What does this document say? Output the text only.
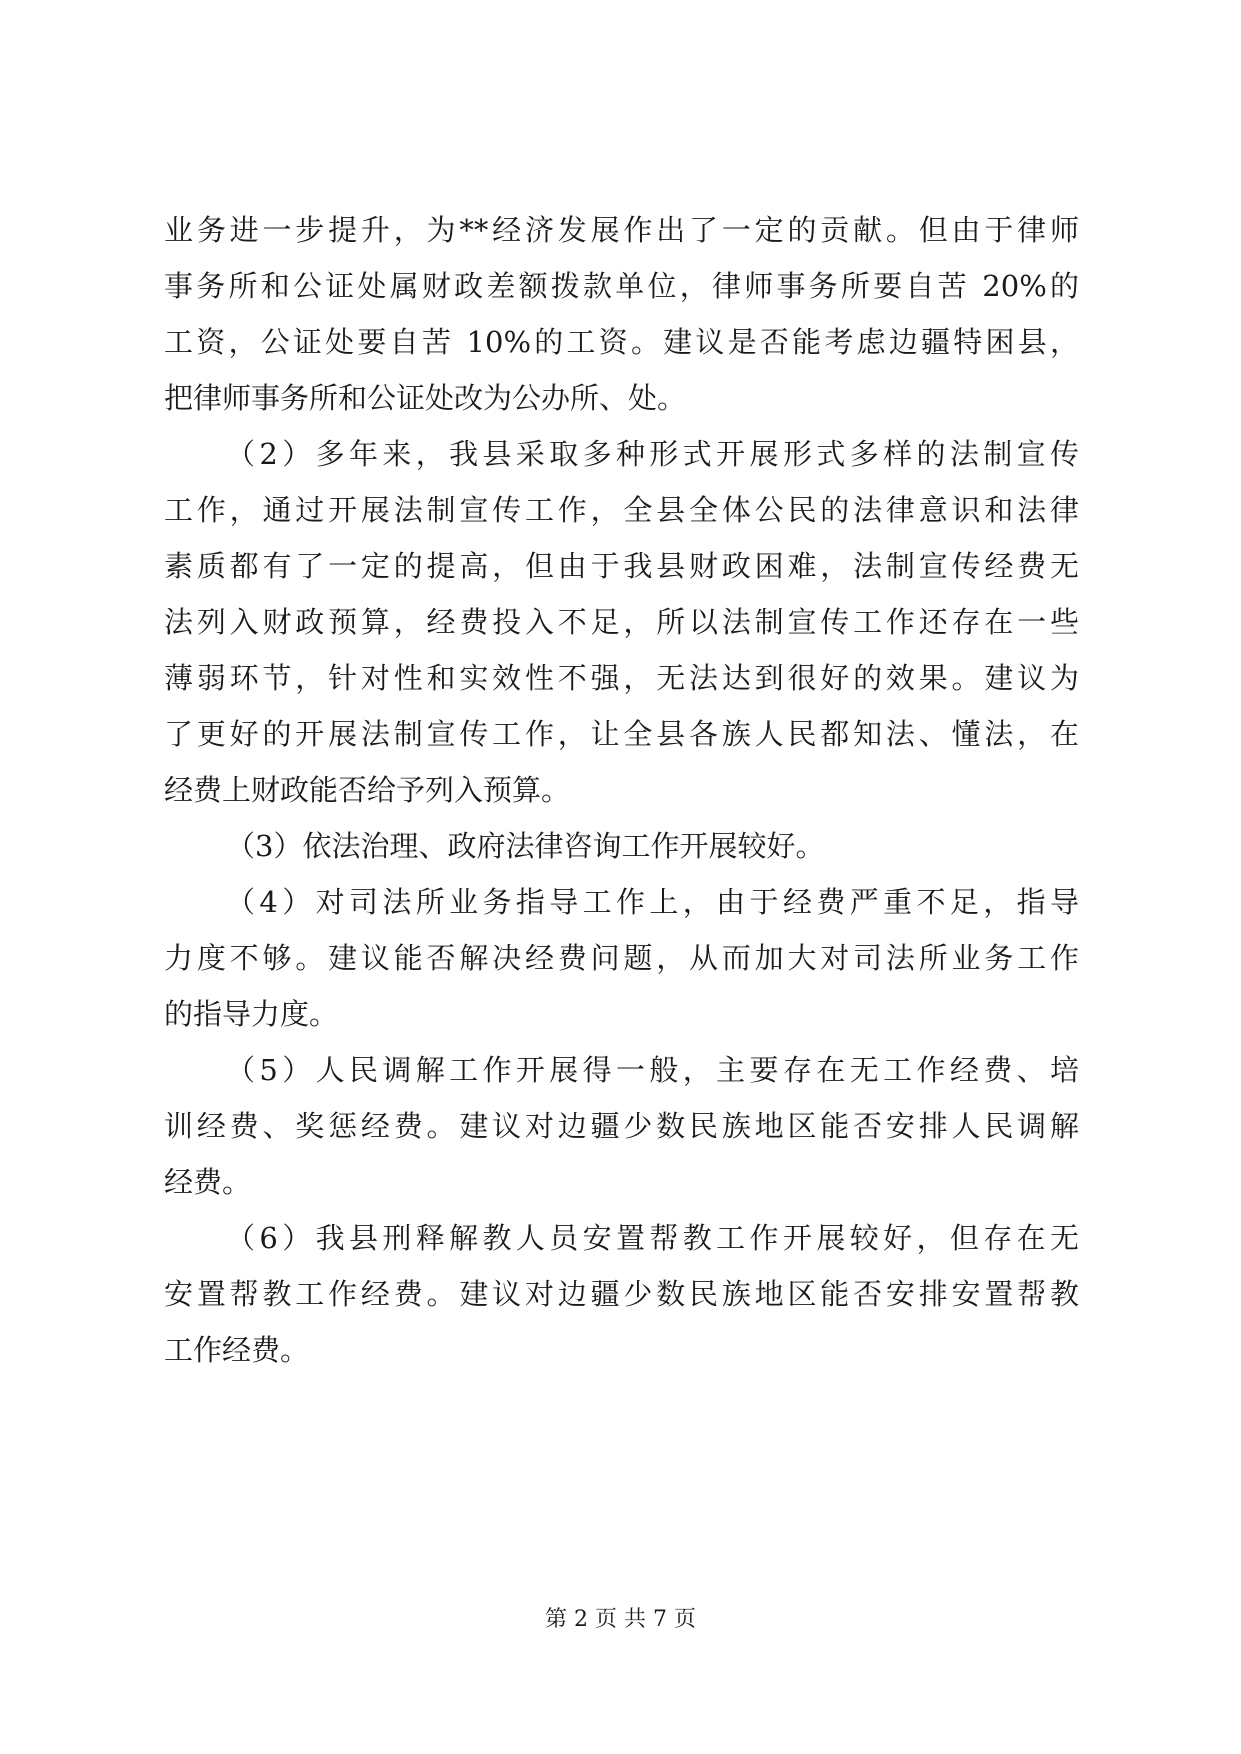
业务进一步提升，为**经济发展作出了一定的贡献。但由于律师
事务所和公证处属财政差额拨款单位，律师事务所要自苦 20%的
工资，公证处要自苦 10%的工资。建议是否能考虑边疆特困县，
把律师事务所和公证处改为公办所、处。
（2）多年来，我县采取多种形式开展形式多样的法制宣传
工作，通过开展法制宣传工作，全县全体公民的法律意识和法律
素质都有了一定的提高，但由于我县财政困难，法制宣传经费无
法列入财政预算，经费投入不足，所以法制宣传工作还存在一些
薄弱环节，针对性和实效性不强，无法达到很好的效果。建议为
了更好的开展法制宣传工作，让全县各族人民都知法、懂法，在
经费上财政能否给予列入预算。
（3）依法治理、政府法律咨询工作开展较好。
（4）对司法所业务指导工作上，由于经费严重不足，指导
力度不够。建议能否解决经费问题，从而加大对司法所业务工作
的指导力度。
（5）人民调解工作开展得一般，主要存在无工作经费、培
训经费、奖惩经费。建议对边疆少数民族地区能否安排人民调解
经费。
（6）我县刑释解教人员安置帮教工作开展较好，但存在无
安置帮教工作经费。建议对边疆少数民族地区能否安排安置帮教
工作经费。
第 2 页 共 7 页
